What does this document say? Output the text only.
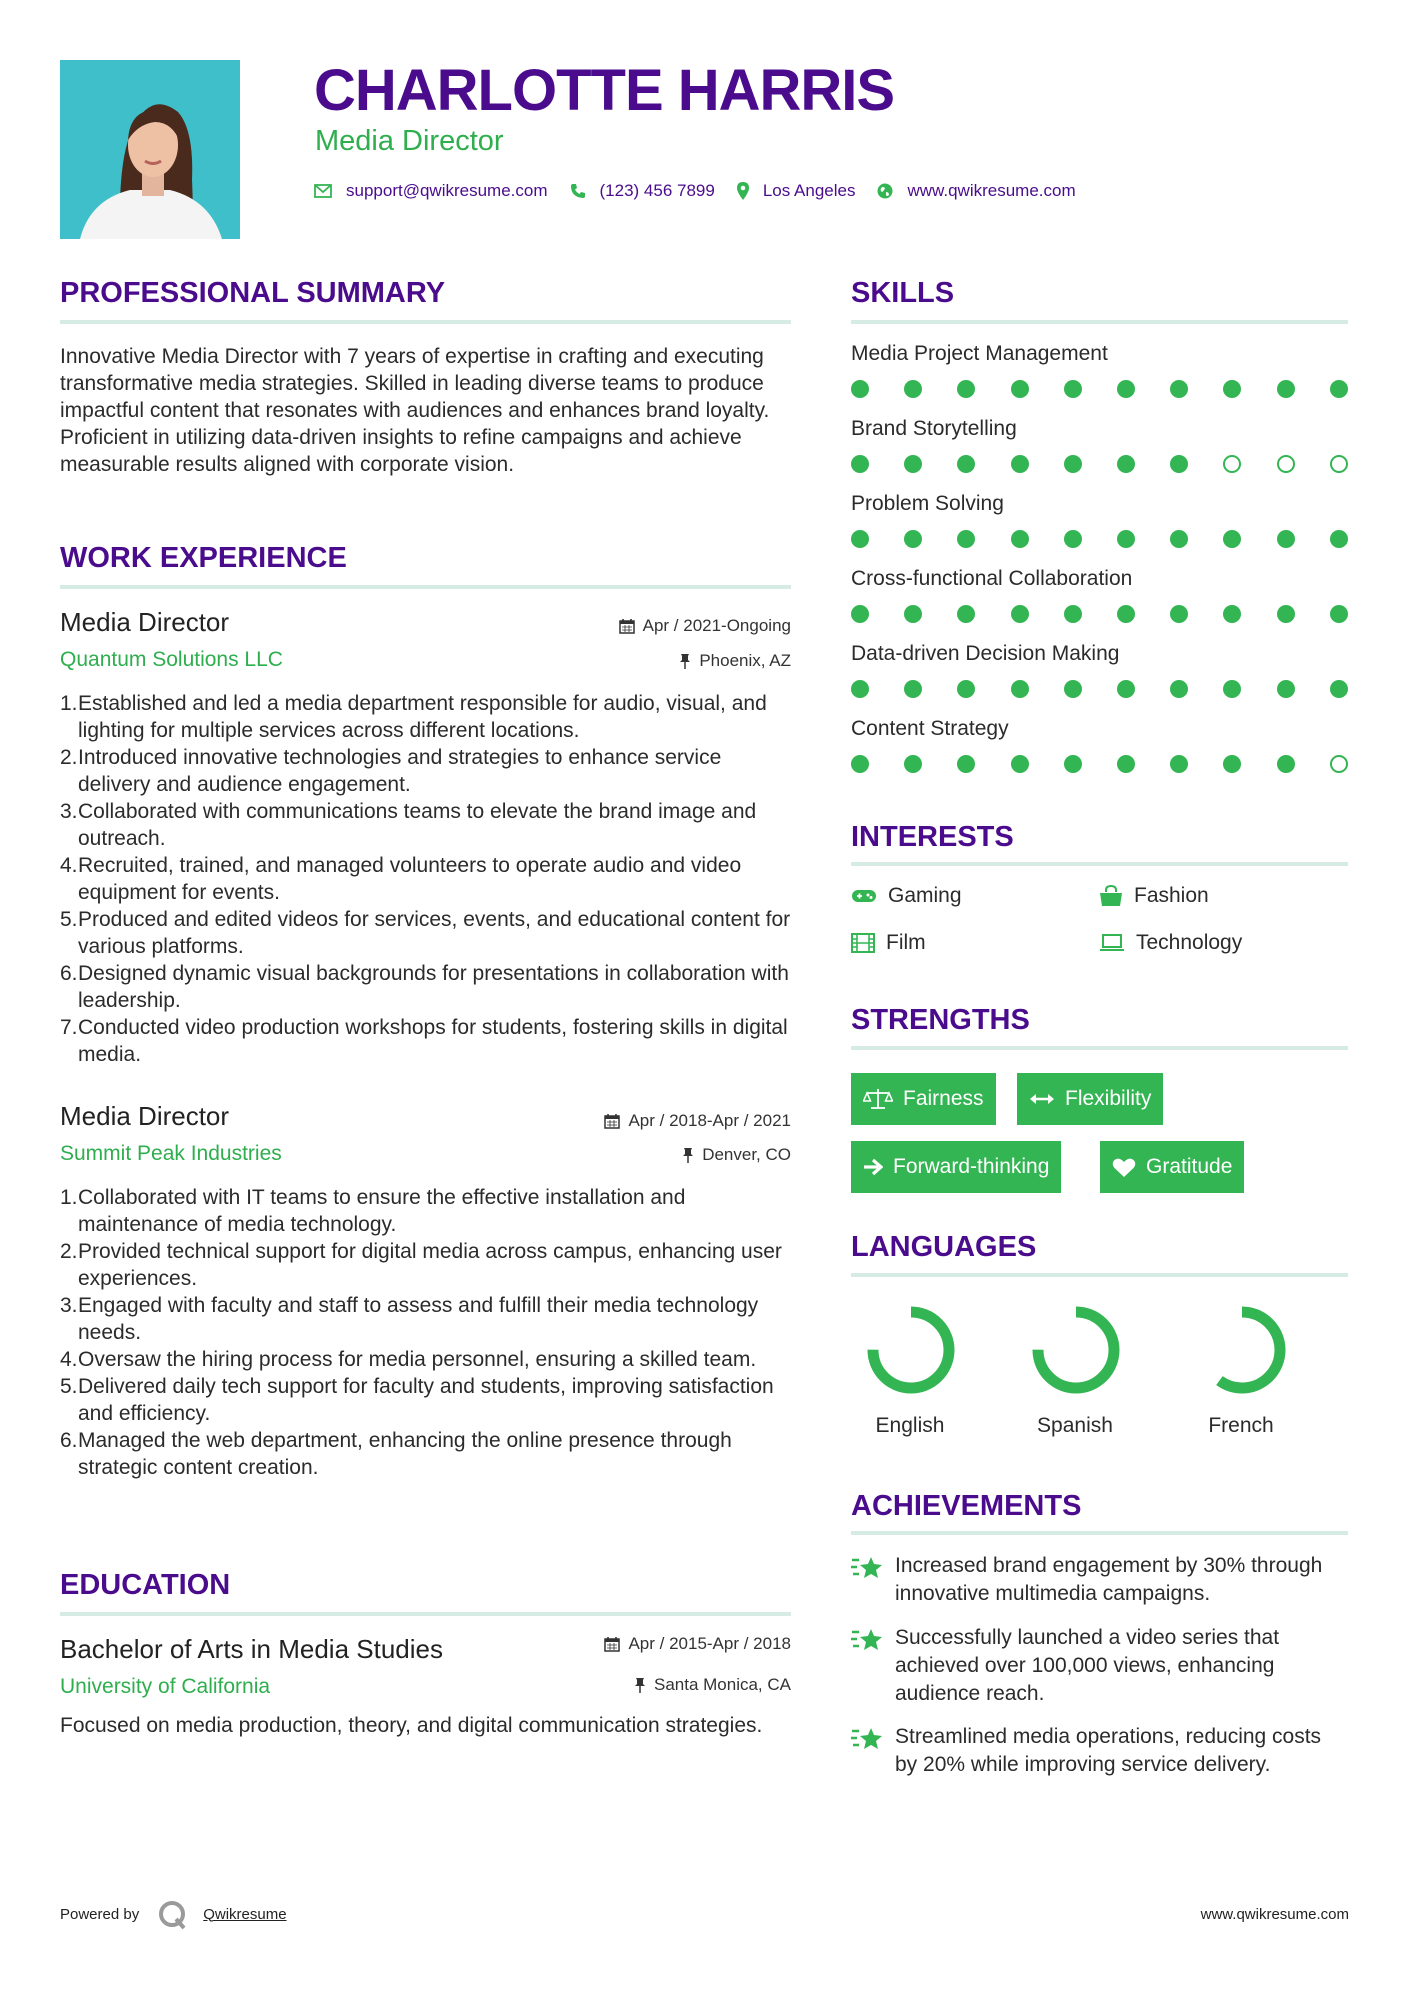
CHARLOTTE HARRIS
Media Director
support@qwikresume.com	(123) 456 7899	Los Angeles	www.qwikresume.com
PROFESSIONAL SUMMARY
Innovative Media Director with 7 years of expertise in crafting and executing transformative media strategies. Skilled in leading diverse teams to produce impactful content that resonates with audiences and enhances brand loyalty. Proficient in utilizing data-driven insights to refine campaigns and achieve measurable results aligned with corporate vision.
WORK EXPERIENCE
Media Director	Apr / 2021-Ongoing
Quantum Solutions LLC	Phoenix, AZ
1. Established and led a media department responsible for audio, visual, and lighting for multiple services across different locations.
2. Introduced innovative technologies and strategies to enhance service delivery and audience engagement.
3. Collaborated with communications teams to elevate the brand image and outreach.
4. Recruited, trained, and managed volunteers to operate audio and video equipment for events.
5. Produced and edited videos for services, events, and educational content for various platforms.
6. Designed dynamic visual backgrounds for presentations in collaboration with leadership.
7. Conducted video production workshops for students, fostering skills in digital media.
Media Director	Apr / 2018-Apr / 2021
Summit Peak Industries	Denver, CO
1. Collaborated with IT teams to ensure the effective installation and maintenance of media technology.
2. Provided technical support for digital media across campus, enhancing user experiences.
3. Engaged with faculty and staff to assess and fulfill their media technology needs.
4. Oversaw the hiring process for media personnel, ensuring a skilled team.
5. Delivered daily tech support for faculty and students, improving satisfaction and efficiency.
6. Managed the web department, enhancing the online presence through strategic content creation.
EDUCATION
Bachelor of Arts in Media Studies	Apr / 2015-Apr / 2018
University of California	Santa Monica, CA
Focused on media production, theory, and digital communication strategies.
SKILLS
Media Project Management
Brand Storytelling
Problem Solving
Cross-functional Collaboration
Data-driven Decision Making
Content Strategy
INTERESTS
Gaming	Fashion
Film	Technology
STRENGTHS
Fairness	Flexibility
Forward-thinking	Gratitude
LANGUAGES
English	Spanish	French
ACHIEVEMENTS
Increased brand engagement by 30% through innovative multimedia campaigns.
Successfully launched a video series that achieved over 100,000 views, enhancing audience reach.
Streamlined media operations, reducing costs by 20% while improving service delivery.
Powered by	Qwikresume	www.qwikresume.com
